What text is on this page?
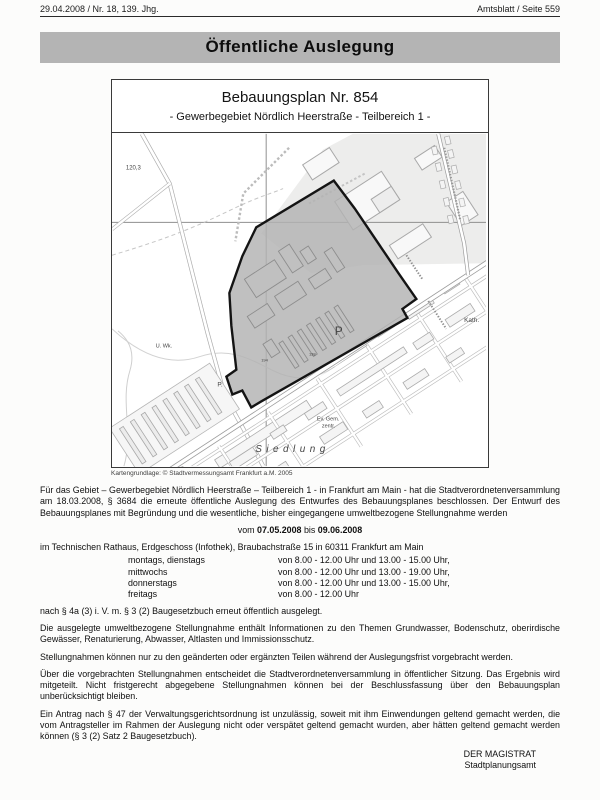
29.04.2008 / Nr. 18, 139. Jhg.	Amtsblatt / Seite 559
Öffentliche Auslegung
Bebauungsplan Nr. 854
- Gewerbegebiet Nördlich Heerstraße - Teilbereich 1 -
120,3
U. Wk.
P
P.
Ev. Gem.
zentr.
Siedlung
Kath.
194
138
Kartengrundlage: © Stadtvermessungsamt Frankfurt a.M. 2005

Für das Gebiet – Gewerbegebiet Nördlich Heerstraße – Teilbereich 1 - in Frankfurt am Main - hat die Stadtverordnetenversammlung am 18.03.2008, § 3684 die erneute öffentliche Auslegung des Entwurfes des Bebauungsplanes beschlossen. Der Entwurf des Bebauungsplanes mit Begründung und die wesentliche, bisher eingegangene umweltbezogene Stellungnahme werden

vom 07.05.2008 bis 09.06.2008

im Technischen Rathaus, Erdgeschoss (Infothek), Braubachstraße 15 in 60311 Frankfurt am Main

montags, dienstags	von 8.00 - 12.00 Uhr und 13.00 - 15.00 Uhr,
mittwochs	von 8.00 - 12.00 Uhr und 13.00 - 19.00 Uhr,
donnerstags	von 8.00 - 12.00 Uhr und 13.00 - 15.00 Uhr,
freitags	von 8.00 - 12.00 Uhr

nach § 4a (3) i. V. m. § 3 (2) Baugesetzbuch erneut öffentlich ausgelegt.

Die ausgelegte umweltbezogene Stellungnahme enthält Informationen zu den Themen Grundwasser, Bodenschutz, oberirdische Gewässer, Renaturierung, Abwasser, Altlasten und Immissionsschutz.

Stellungnahmen können nur zu den geänderten oder ergänzten Teilen während der Auslegungsfrist vorgebracht werden.

Über die vorgebrachten Stellungnahmen entscheidet die Stadtverordnetenversammlung in öffentlicher Sitzung. Das Ergebnis wird mitgeteilt. Nicht fristgerecht abgegebene Stellungnahmen können bei der Beschlussfassung über den Bebauungsplan unberücksichtigt bleiben.

Ein Antrag nach § 47 der Verwaltungsgerichtsordnung ist unzulässig, soweit mit ihm Einwendungen geltend gemacht werden, die vom Antragsteller im Rahmen der Auslegung nicht oder verspätet geltend gemacht wurden, aber hätten geltend gemacht werden können (§ 3 (2) Satz 2 Baugesetzbuch).

DER MAGISTRAT
Stadtplanungsamt
